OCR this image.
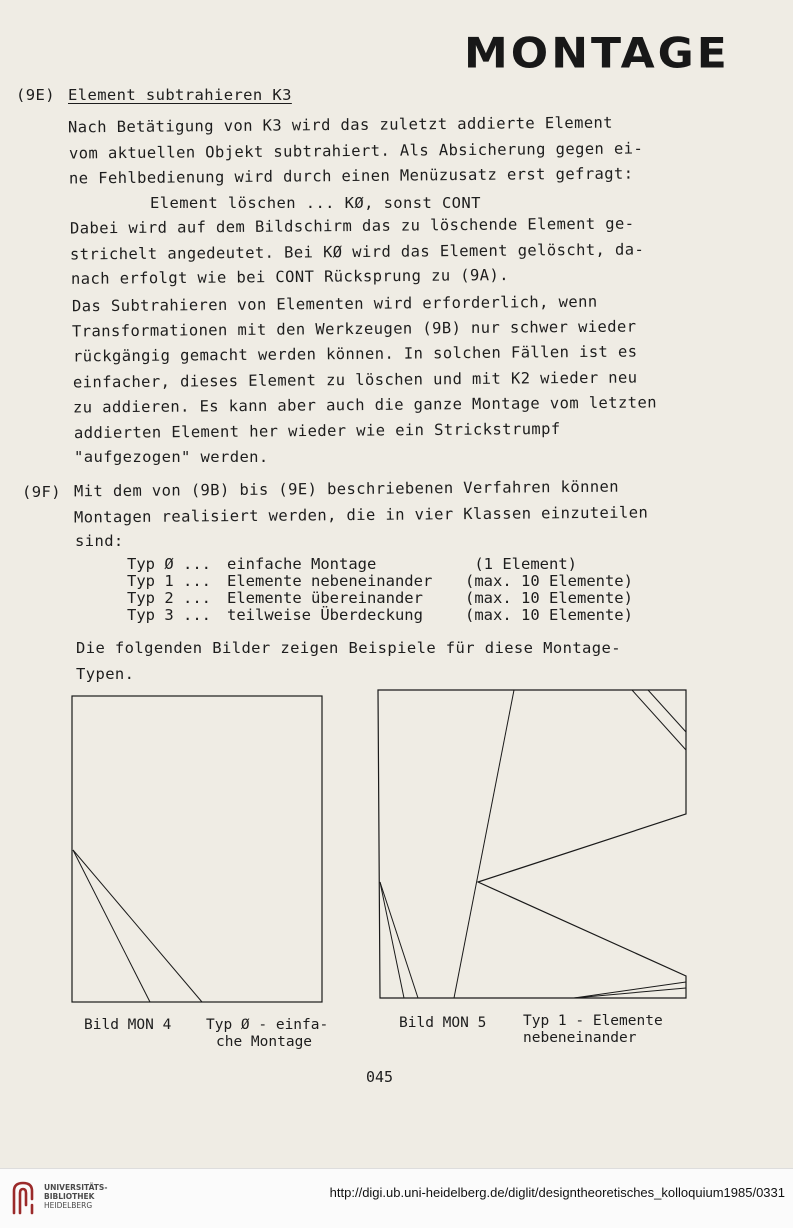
MONTAGE
(9E) Element subtrahieren K3
Nach Betätigung von K3 wird das zuletzt addierte Element
vom aktuellen Objekt subtrahiert. Als Absicherung gegen ei-
ne Fehlbedienung wird durch einen Menüzusatz erst gefragt:
Element löschen ... KØ, sonst CONT
Dabei wird auf dem Bildschirm das zu löschende Element ge-
strichelt angedeutet. Bei KØ wird das Element gelöscht, da-
nach erfolgt wie bei CONT Rücksprung zu (9A).
Das Subtrahieren von Elementen wird erforderlich, wenn
Transformationen mit den Werkzeugen (9B) nur schwer wieder
rückgängig gemacht werden können. In solchen Fällen ist es
einfacher, dieses Element zu löschen und mit K2 wieder neu
zu addieren. Es kann aber auch die ganze Montage vom letzten
addierten Element her wieder wie ein Strickstrumpf
"aufgezogen" werden.
(9F) Mit dem von (9B) bis (9E) beschriebenen Verfahren können
Montagen realisiert werden, die in vier Klassen einzuteilen
sind:
Typ Ø ...	einfache Montage	(1 Element)
Typ 1 ...	Elemente nebeneinander	(max. 10 Elemente)
Typ 2 ...	Elemente übereinander	(max. 10 Elemente)
Typ 3 ...	teilweise Überdeckung	(max. 10 Elemente)
Die folgenden Bilder zeigen Beispiele für diese Montage-
Typen.
Bild MON 4 Typ Ø - einfa-
che Montage
Bild MON 5	Typ 1 - Elemente
nebeneinander
045
UNIVERSITÄTS-
BIBLIOTHEK
HEIDELBERG
http://digi.ub.uni-heidelberg.de/diglit/designtheoretisches_kolloquium1985/0331
